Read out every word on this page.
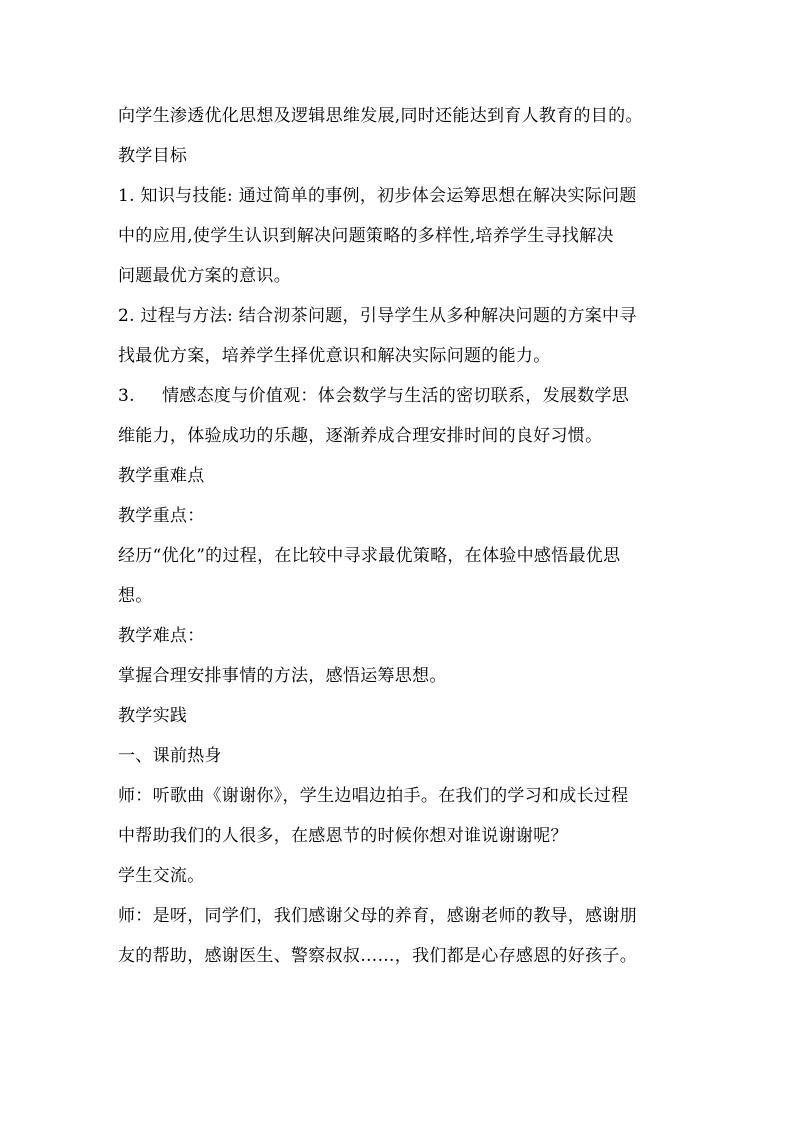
向学生渗透优化思想及逻辑思维发展,同时还能达到育人教育的目的。
教学目标
1. 知识与技能: 通过简单的事例，初步体会运筹思想在解决实际问题
中的应用,使学生认识到解决问题策略的多样性,培养学生寻找解决
问题最优方案的意识。
2. 过程与方法: 结合沏茶问题，引导学生从多种解决问题的方案中寻
找最优方案，培养学生择优意识和解决实际问题的能力。
3. 情感态度与价值观：体会数学与生活的密切联系，发展数学思
维能力，体验成功的乐趣，逐渐养成合理安排时间的良好习惯。
教学重难点
教学重点：
经历“优化”的过程，在比较中寻求最优策略，在体验中感悟最优思
想。
教学难点：
掌握合理安排事情的方法，感悟运筹思想。
教学实践
一、课前热身
师：听歌曲《谢谢你》，学生边唱边拍手。在我们的学习和成长过程
中帮助我们的人很多，在感恩节的时候你想对谁说谢谢呢？
学生交流。
师：是呀，同学们，我们感谢父母的养育，感谢老师的教导，感谢朋
友的帮助，感谢医生、警察叔叔……，我们都是心存感恩的好孩子。
